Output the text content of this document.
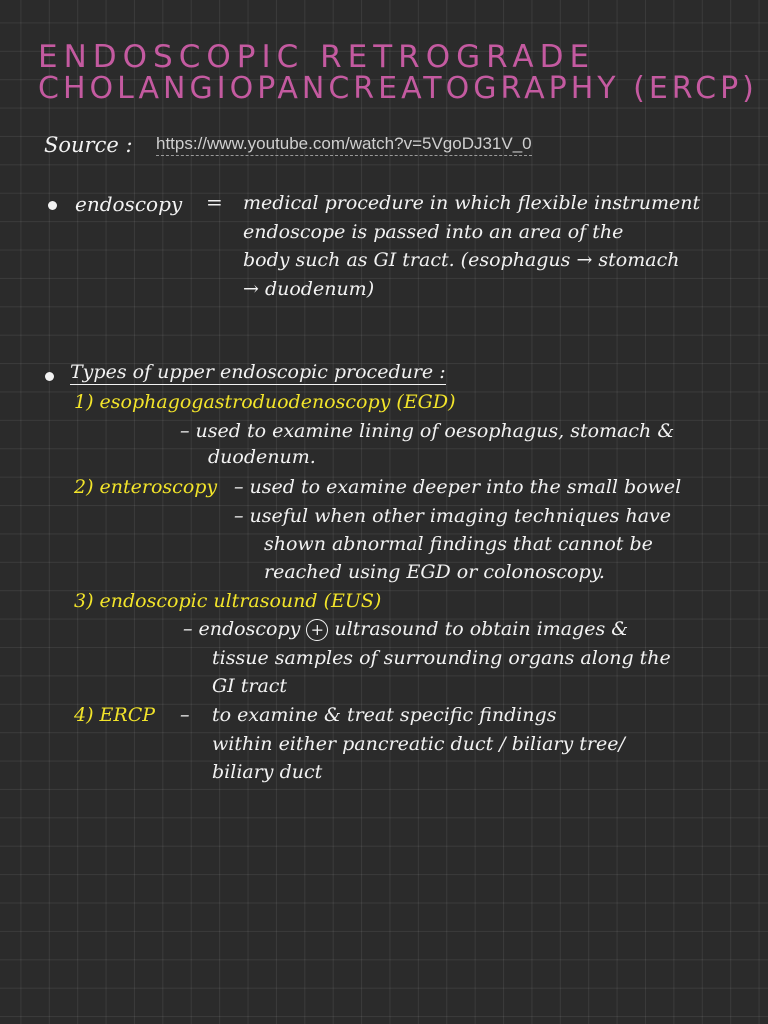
ENDOSCOPIC RETROGRADE
CHOLANGIOPANCREATOGRAPHY (ERCP)
Source : https://www.youtube.com/watch?v=5VgoDJ31V_0
endoscopy = medical procedure in which flexible instrument
endoscope is passed into an area of the
body such as GI tract. (esophagus → stomach
→ duodenum)
Types of upper endoscopic procedure :
1) esophagogastroduodenoscopy (EGD)
– used to examine lining of oesophagus, stomach &
duodenum.
2) enteroscopy – used to examine deeper into the small bowel
– useful when other imaging techniques have
shown abnormal findings that cannot be
reached using EGD or colonoscopy.
3) endoscopic ultrasound (EUS)
– endoscopy + ultrasound to obtain images &
tissue samples of surrounding organs along the
GI tract
4) ERCP – to examine & treat specific findings
within either pancreatic duct / biliary tree/
biliary duct
